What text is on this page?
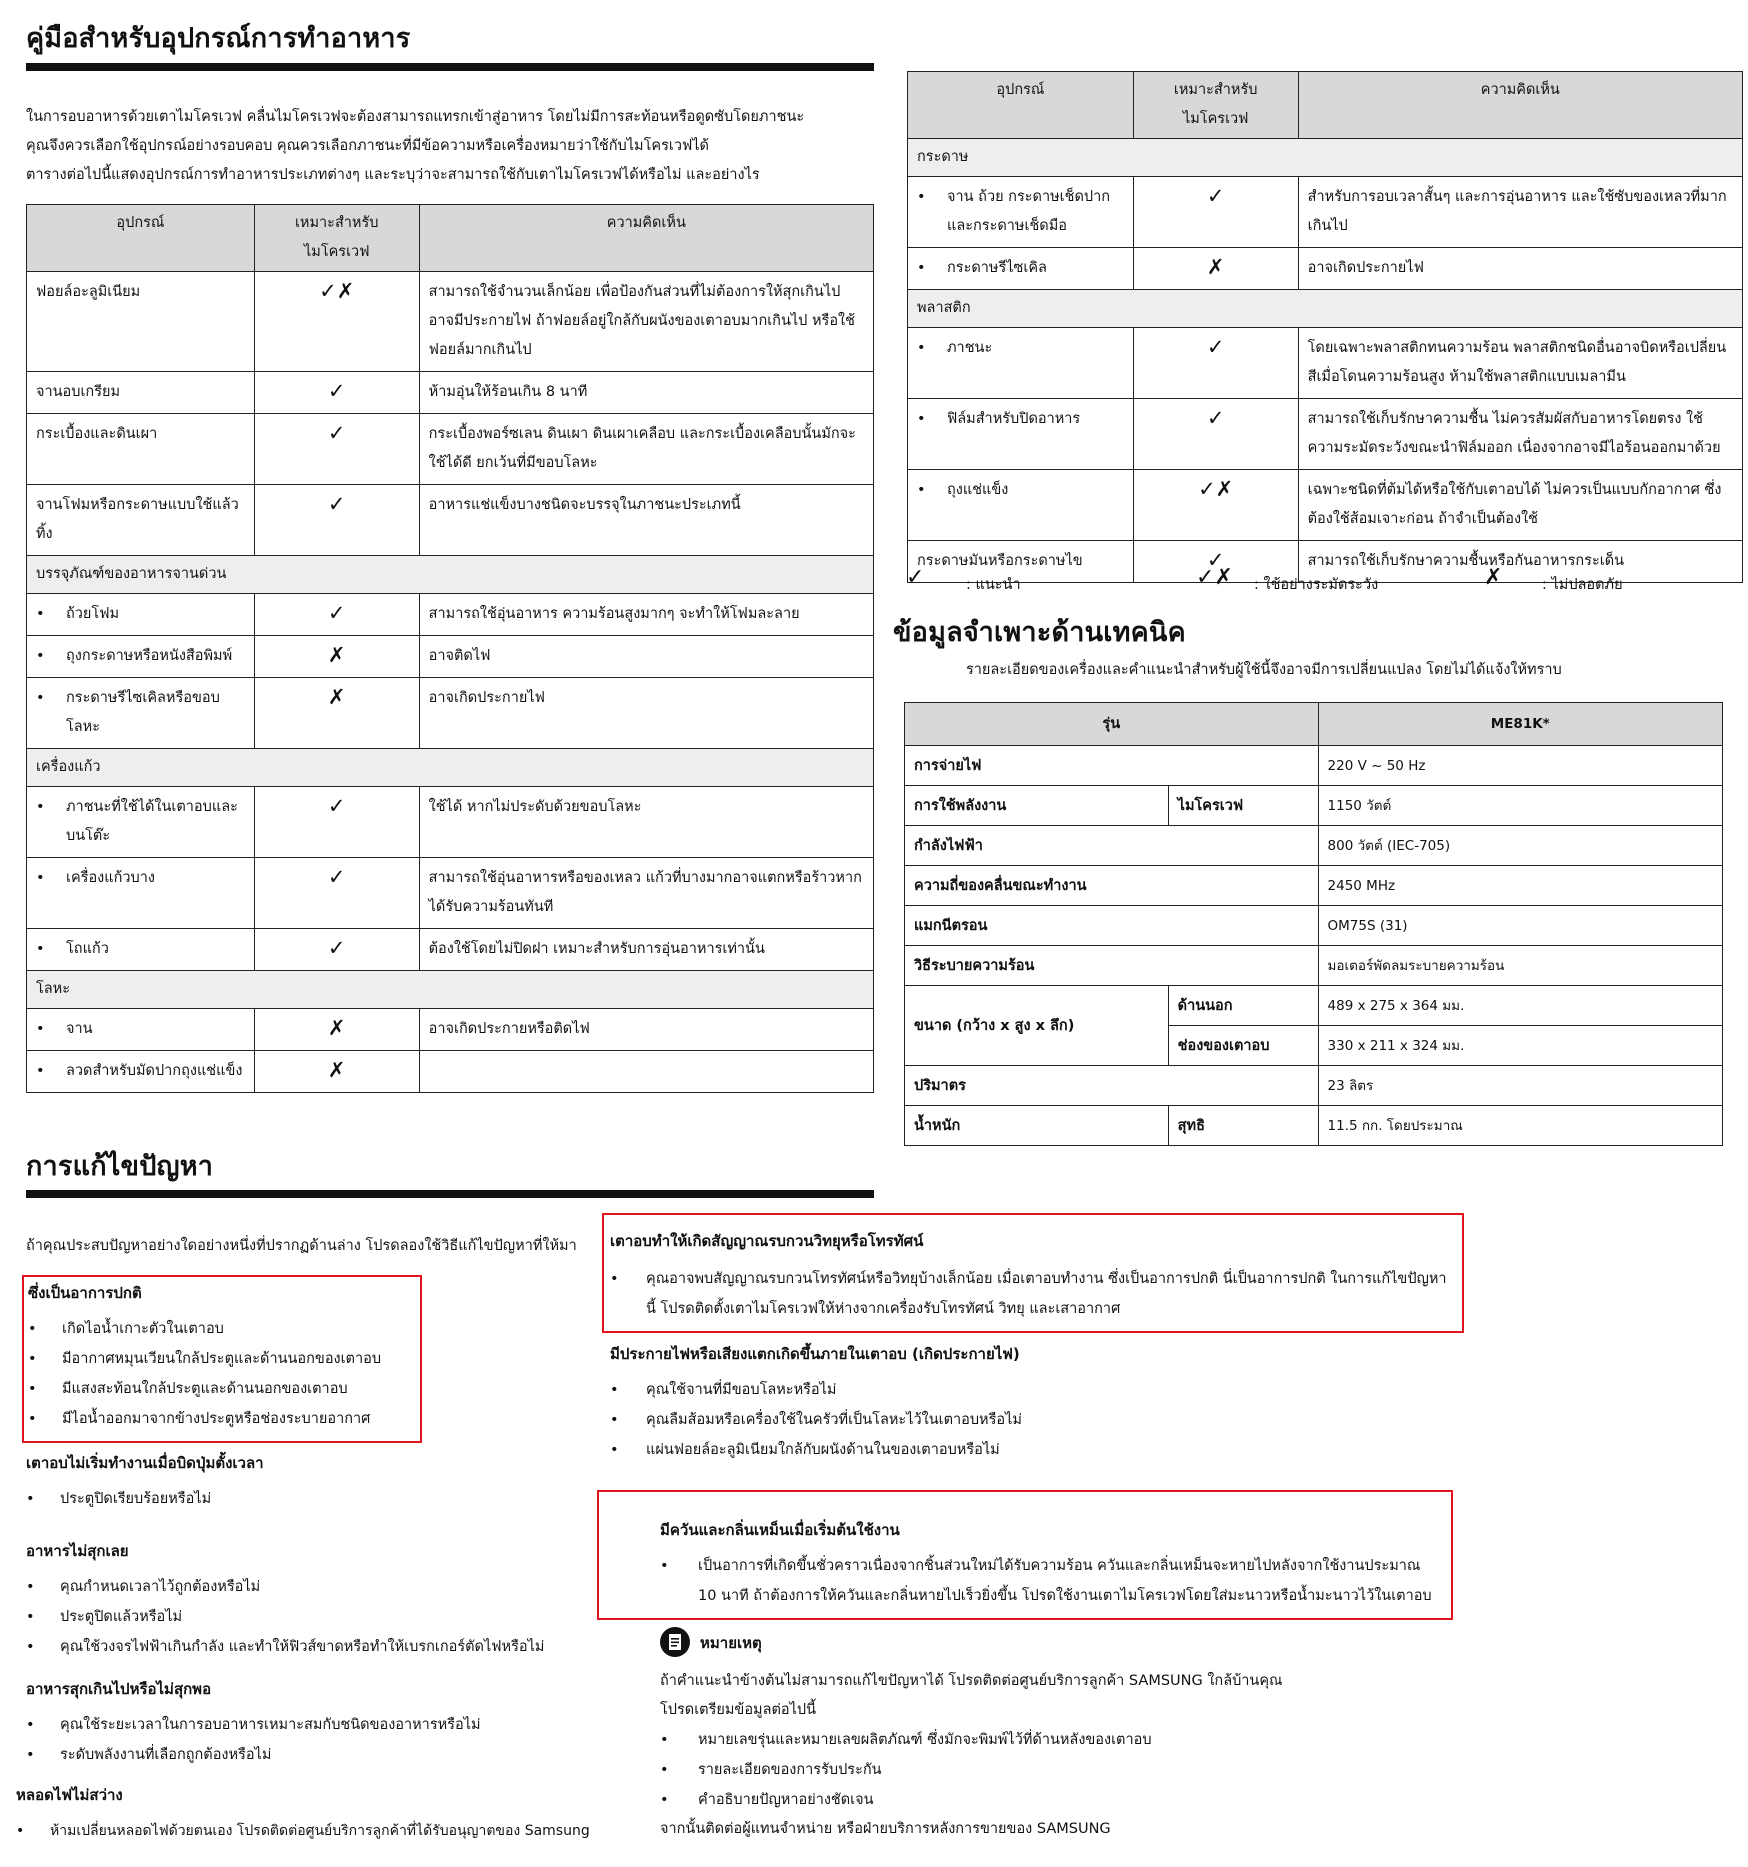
คู่มือสำหรับอุปกรณ์การทำอาหาร
ในการอบอาหารด้วยเตาไมโครเวฟ คลื่นไมโครเวฟจะต้องสามารถแทรกเข้าสู่อาหาร โดยไม่มีการสะท้อนหรือดูดซับโดยภาชนะ
คุณจึงควรเลือกใช้อุปกรณ์อย่างรอบคอบ คุณควรเลือกภาชนะที่มีข้อความหรือเครื่องหมายว่าใช้กับไมโครเวฟได้
ตารางต่อไปนี้แสดงอุปกรณ์การทำอาหารประเภทต่างๆ และระบุว่าจะสามารถใช้กับเตาไมโครเวฟได้หรือไม่ และอย่างไร
อุปกรณ์	เหมาะสำหรับไมโครเวฟ	ความคิดเห็น
ฟอยล์อะลูมิเนียม	✓✗	สามารถใช้จำนวนเล็กน้อย เพื่อป้องกันส่วนที่ไม่ต้องการให้สุกเกินไป อาจมีประกายไฟ ถ้าฟอยล์อยู่ใกล้กับผนังของเตาอบมากเกินไป หรือใช้ฟอยล์มากเกินไป
จานอบเกรียม	✓	ห้ามอุ่นให้ร้อนเกิน 8 นาที
กระเบื้องและดินเผา	✓	กระเบื้องพอร์ซเลน ดินเผา ดินเผาเคลือบ และกระเบื้องเคลือบนั้นมักจะใช้ได้ดี ยกเว้นที่มีขอบโลหะ
จานโฟมหรือกระดาษแบบใช้แล้วทิ้ง	✓	อาหารแช่แข็งบางชนิดจะบรรจุในภาชนะประเภทนี้
บรรจุภัณฑ์ของอาหารจานด่วน		

• ถ้วยโฟม	✓	สามารถใช้อุ่นอาหาร ความร้อนสูงมากๆ จะทำให้โฟมละลาย

• ถุงกระดาษหรือหนังสือพิมพ์	✗	อาจติดไฟ

• กระดาษรีไซเคิลหรือขอบโลหะ	✗	อาจเกิดประกายไฟ
เครื่องแก้ว		

• ภาชนะที่ใช้ได้ในเตาอบและบนโต๊ะ	✓	ใช้ได้ หากไม่ประดับด้วยขอบโลหะ

• เครื่องแก้วบาง	✓	สามารถใช้อุ่นอาหารหรือของเหลว แก้วที่บางมากอาจแตกหรือร้าวหากได้รับความร้อนทันที

• โถแก้ว	✓	ต้องใช้โดยไม่ปิดฝา เหมาะสำหรับการอุ่นอาหารเท่านั้น
โลหะ		

• จาน	✗	อาจเกิดประกายหรือติดไฟ

• ลวดสำหรับมัดปากถุงแช่แข็ง	✗	
อุปกรณ์	เหมาะสำหรับไมโครเวฟ	ความคิดเห็น
กระดาษ		

• จาน ถ้วย กระดาษเช็ดปากและกระดาษเช็ดมือ	✓	สำหรับการอบเวลาสั้นๆ และการอุ่นอาหาร และใช้ซับของเหลวที่มากเกินไป

• กระดาษรีไซเคิล	✗	อาจเกิดประกายไฟ
พลาสติก		

• ภาชนะ	✓	โดยเฉพาะพลาสติกทนความร้อน พลาสติกชนิดอื่นอาจบิดหรือเปลี่ยนสีเมื่อโดนความร้อนสูง ห้ามใช้พลาสติกแบบเมลามีน

• ฟิล์มสำหรับปิดอาหาร	✓	สามารถใช้เก็บรักษาความชื้น ไม่ควรสัมผัสกับอาหารโดยตรง ใช้ความระมัดระวังขณะนำฟิล์มออก เนื่องจากอาจมีไอร้อนออกมาด้วย

• ถุงแช่แข็ง	✓✗	เฉพาะชนิดที่ต้มได้หรือใช้กับเตาอบได้ ไม่ควรเป็นแบบกักอากาศ ซึ่งต้องใช้ส้อมเจาะก่อน ถ้าจำเป็นต้องใช้
กระดาษมันหรือกระดาษไข	✓	สามารถใช้เก็บรักษาความชื้นหรือกันอาหารกระเด็น
✓	: แนะนำ	✓✗ : ใช้อย่างระมัดระวัง	✗	: ไม่ปลอดภัย
ข้อมูลจำเพาะด้านเทคนิค
รายละเอียดของเครื่องและคำแนะนำสำหรับผู้ใช้นี้จึงอาจมีการเปลี่ยนแปลง โดยไม่ได้แจ้งให้ทราบ
รุ่น		ME81K*
การจ่ายไฟ		220 V ~ 50 Hz
การใช้พลังงาน	ไมโครเวฟ	1150 วัตต์
กำลังไฟฟ้า		800 วัตต์ (IEC-705)
ความถี่ของคลื่นขณะทำงาน		2450 MHz
แมกนีตรอน		OM75S (31)
วิธีระบายความร้อน		มอเตอร์พัดลมระบายความร้อน
ขนาด (กว้าง x สูง x ลึก)	ด้านนอก	489 x 275 x 364 มม.
	ช่องของเตาอบ	330 x 211 x 324 มม.
ปริมาตร		23 ลิตร
น้ำหนัก	สุทธิ	11.5 กก. โดยประมาณ
การแก้ไขปัญหา
ถ้าคุณประสบปัญหาอย่างใดอย่างหนึ่งที่ปรากฏด้านล่าง โปรดลองใช้วิธีแก้ไขปัญหาที่ให้มา
ซึ่งเป็นอาการปกติ
• เกิดไอน้ำเกาะตัวในเตาอบ
• มีอากาศหมุนเวียนใกล้ประตูและด้านนอกของเตาอบ
• มีแสงสะท้อนใกล้ประตูและด้านนอกของเตาอบ
• มีไอน้ำออกมาจากข้างประตูหรือช่องระบายอากาศ
เตาอบไม่เริ่มทำงานเมื่อบิดปุ่มตั้งเวลา
• ประตูปิดเรียบร้อยหรือไม่
อาหารไม่สุกเลย
• คุณกำหนดเวลาไว้ถูกต้องหรือไม่
• ประตูปิดแล้วหรือไม่
• คุณใช้วงจรไฟฟ้าเกินกำลัง และทำให้ฟิวส์ขาดหรือทำให้เบรกเกอร์ตัดไฟหรือไม่
อาหารสุกเกินไปหรือไม่สุกพอ
• คุณใช้ระยะเวลาในการอบอาหารเหมาะสมกับชนิดของอาหารหรือไม่
• ระดับพลังงานที่เลือกถูกต้องหรือไม่
หลอดไฟไม่สว่าง
• ห้ามเปลี่ยนหลอดไฟด้วยตนเอง โปรดติดต่อศูนย์บริการลูกค้าที่ได้รับอนุญาตของ Samsung
เตาอบทำให้เกิดสัญญาณรบกวนวิทยุหรือโทรทัศน์
• คุณอาจพบสัญญาณรบกวนโทรทัศน์หรือวิทยุบ้างเล็กน้อย เมื่อเตาอบทำงาน ซึ่งเป็นอาการปกติ นี่เป็นอาการปกติ ในการแก้ไขปัญหานี้ โปรดติดตั้งเตาไมโครเวฟให้ห่างจากเครื่องรับโทรทัศน์ วิทยุ และเสาอากาศ
มีประกายไฟหรือเสียงแตกเกิดขึ้นภายในเตาอบ (เกิดประกายไฟ)
• คุณใช้จานที่มีขอบโลหะหรือไม่
• คุณลืมส้อมหรือเครื่องใช้ในครัวที่เป็นโลหะไว้ในเตาอบหรือไม่
• แผ่นฟอยล์อะลูมิเนียมใกล้กับผนังด้านในของเตาอบหรือไม่
มีควันและกลิ่นเหม็นเมื่อเริ่มต้นใช้งาน
• เป็นอาการที่เกิดขึ้นชั่วคราวเนื่องจากชิ้นส่วนใหม่ได้รับความร้อน ควันและกลิ่นเหม็นจะหายไปหลังจากใช้งานประมาณ 10 นาที ถ้าต้องการให้ควันและกลิ่นหายไปเร็วยิ่งขึ้น โปรดใช้งานเตาไมโครเวฟโดยใส่มะนาวหรือน้ำมะนาวไว้ในเตาอบ
หมายเหตุ
ถ้าคำแนะนำข้างต้นไม่สามารถแก้ไขปัญหาได้ โปรดติดต่อศูนย์บริการลูกค้า SAMSUNG ใกล้บ้านคุณ
โปรดเตรียมข้อมูลต่อไปนี้
• หมายเลขรุ่นและหมายเลขผลิตภัณฑ์ ซึ่งมักจะพิมพ์ไว้ที่ด้านหลังของเตาอบ
• รายละเอียดของการรับประกัน
• คำอธิบายปัญหาอย่างชัดเจน
จากนั้นติดต่อผู้แทนจำหน่าย หรือฝ่ายบริการหลังการขายของ SAMSUNG
